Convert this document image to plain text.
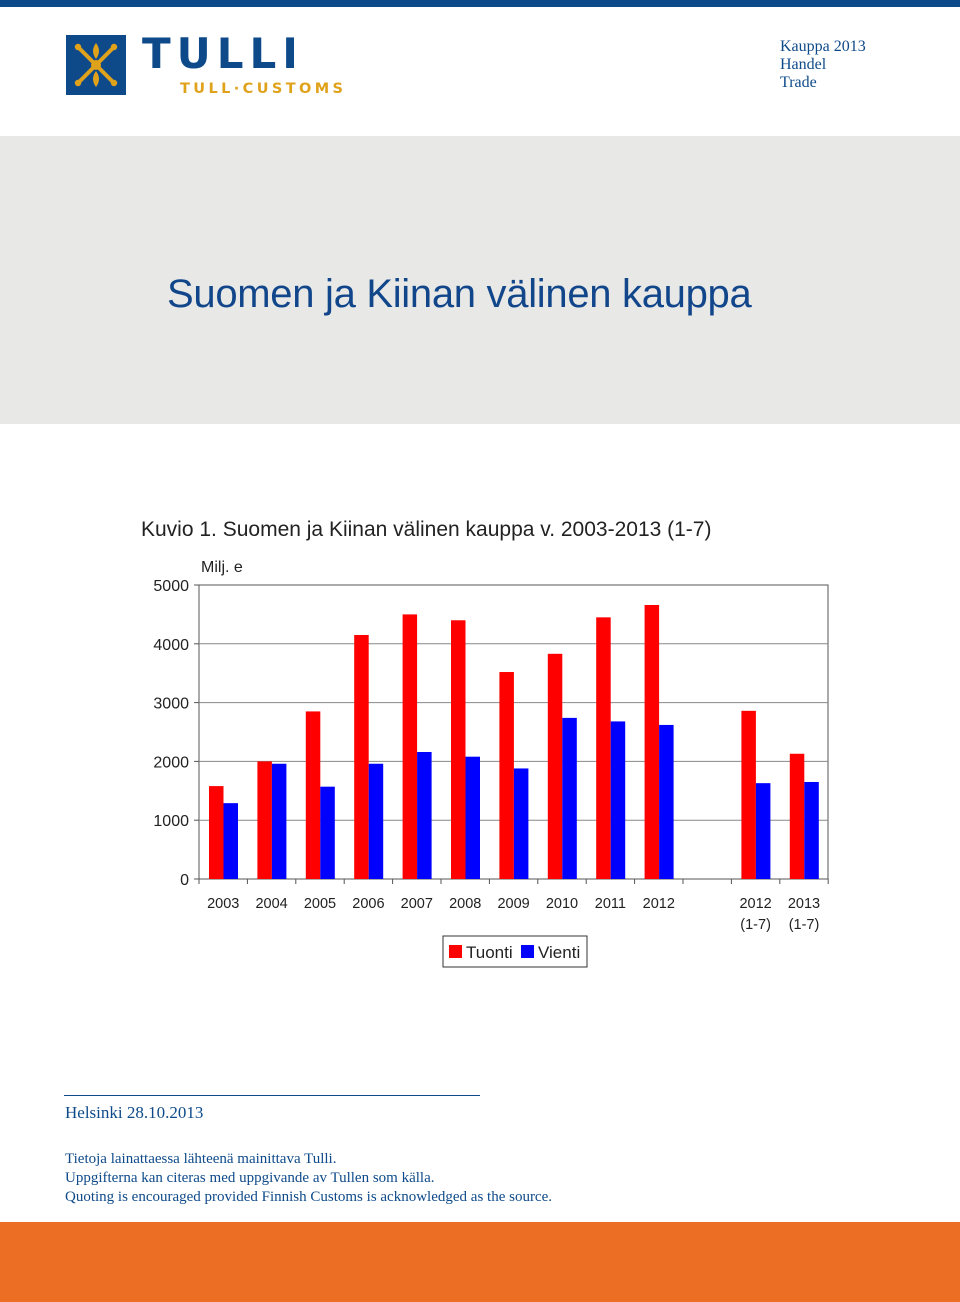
TULLI
TULL·CUSTOMS
Kauppa 2013
Handel
Trade
Suomen ja Kiinan välinen kauppa
Kuvio 1. Suomen ja Kiinan välinen kauppa v. 2003-2013 (1-7)
0
1000
2000
3000
4000
5000
Milj. e
2003 2004 2005 2006 2007 2008 2009 2010 2011 2012	2012
(1-7)
2013
(1-7)
Tuonti Vienti
Helsinki 28.10.2013
Tietoja lainattaessa lähteenä mainittava Tulli.
Uppgifterna kan citeras med uppgivande av Tullen som källa.
Quoting is encouraged provided Finnish Customs is acknowledged as the source.
